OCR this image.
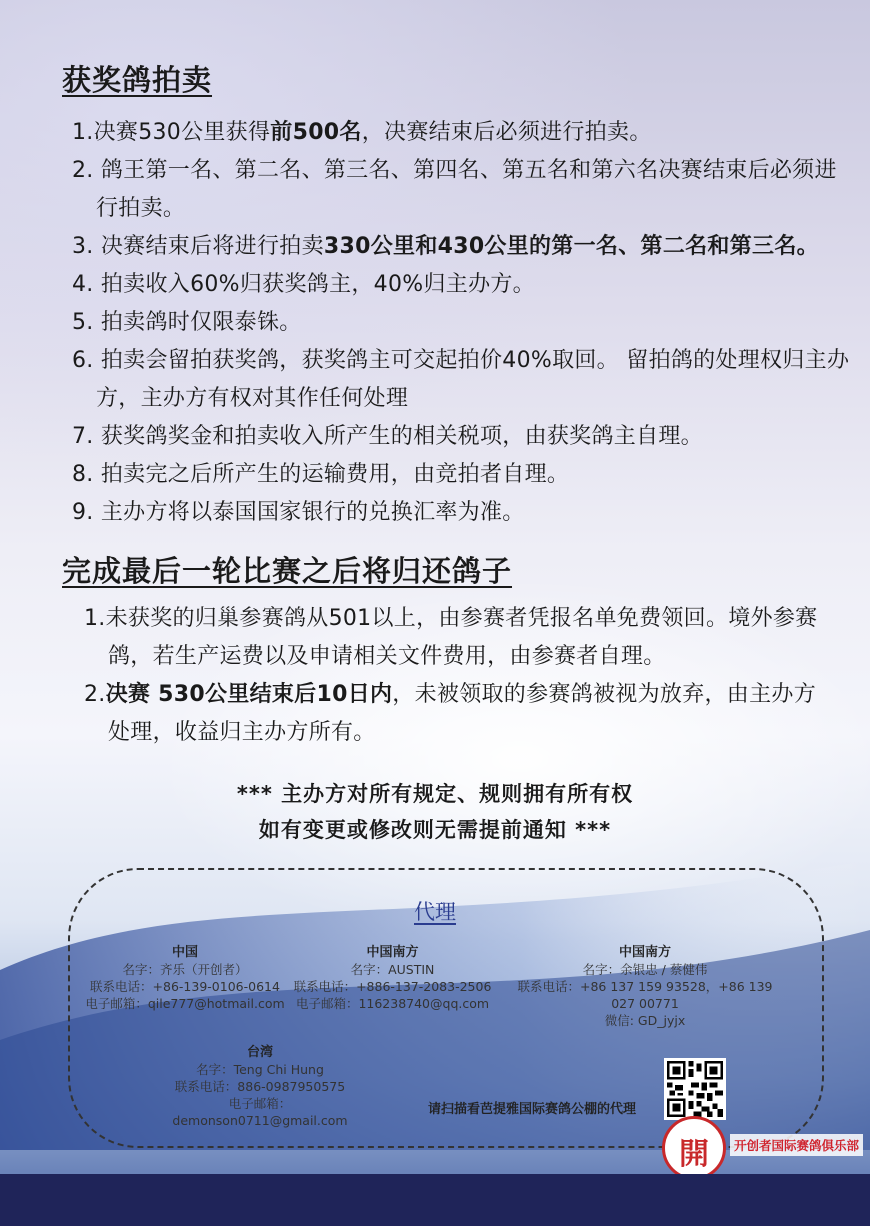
获奖鸽拍卖
1.决赛530公里获得前500名，决赛结束后必须进行拍卖。
2. 鸽王第一名、第二名、第三名、第四名、第五名和第六名决赛结束后必须进行拍卖。
3. 决赛结束后将进行拍卖330公里和430公里的第一名、第二名和第三名。
4. 拍卖收入60%归获奖鸽主，40%归主办方。
5. 拍卖鸽时仅限泰铢。
6. 拍卖会留拍获奖鸽，获奖鸽主可交起拍价40%取回。 留拍鸽的处理权归主办方，主办方有权对其作任何处理
7. 获奖鸽奖金和拍卖收入所产生的相关税项，由获奖鸽主自理。
8. 拍卖完之后所产生的运输费用，由竞拍者自理。
9. 主办方将以泰国国家银行的兑换汇率为准。
完成最后一轮比赛之后将归还鸽子
1.未获奖的归巢参赛鸽从501以上，由参赛者凭报名单免费领回。境外参赛鸽，若生产运费以及申请相关文件费用，由参赛者自理。
2.决赛 530公里结束后10日内，未被领取的参赛鸽被视为放弃，由主办方处理，收益归主办方所有。
*** 主办方对所有规定、规则拥有所有权
如有变更或修改则无需提前通知 ***
代理
中国
名字：齐乐（开创者）
联系电话：+86-139-0106-0614
电子邮箱：qile777@hotmail.com
中国南方
名字：AUSTIN
联系电话：+886-137-2083-2506
电子邮箱：116238740@qq.com
中国南方
名字：余银忠 / 蔡健伟
联系电话：+86 137 159 93528，+86 139 027 00771
微信: GD_jyjx
台湾
名字：Teng Chi Hung
联系电话：886-0987950575
电子邮箱：demonson0711@gmail.com
请扫描看芭提雅国际赛鸽公棚的代理
開	开创者国际赛鸽俱乐部
